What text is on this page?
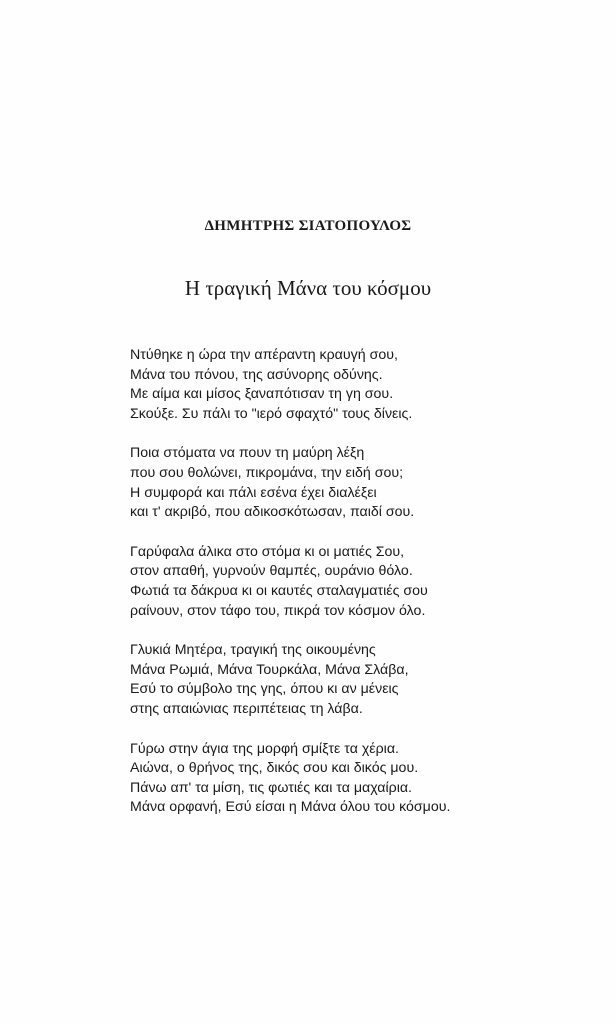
ΔΗΜΗΤΡΗΣ ΣΙΑΤΟΠΟΥΛΟΣ
Η τραγική Μάνα του κόσμου
Ντύθηκε η ώρα την απέραντη κραυγή σου,
Μάνα του πόνου, της ασύνορης οδύνης.
Με αίμα και μίσος ξαναπότισαν τη γη σου.
Σκούξε. Συ πάλι το "ιερό σφαχτό" τους δίνεις.
Ποια στόματα να πουν τη μαύρη λέξη
που σου θολώνει, πικρομάνα, την ειδή σου;
Η συμφορά και πάλι εσένα έχει διαλέξει
και τ' ακριβό, που αδικοσκότωσαν, παιδί σου.
Γαρύφαλα άλικα στο στόμα κι οι ματιές Σου,
στον απαθή, γυρνούν θαμπές, ουράνιο θόλο.
Φωτιά τα δάκρυα κι οι καυτές σταλαγματιές σου
ραίνουν, στον τάφο του, πικρά τον κόσμον όλο.
Γλυκιά Μητέρα, τραγική της οικουμένης
Μάνα Ρωμιά, Μάνα Τουρκάλα, Μάνα Σλάβα,
Εσύ το σύμβολο της γης, όπου κι αν μένεις
στης απαιώνιας περιπέτειας τη λάβα.
Γύρω στην άγια της μορφή σμίξτε τα χέρια.
Αιώνα, ο θρήνος της, δικός σου και δικός μου.
Πάνω απ' τα μίση, τις φωτιές και τα μαχαίρια.
Μάνα ορφανή, Εσύ είσαι η Μάνα όλου του κόσμου.
